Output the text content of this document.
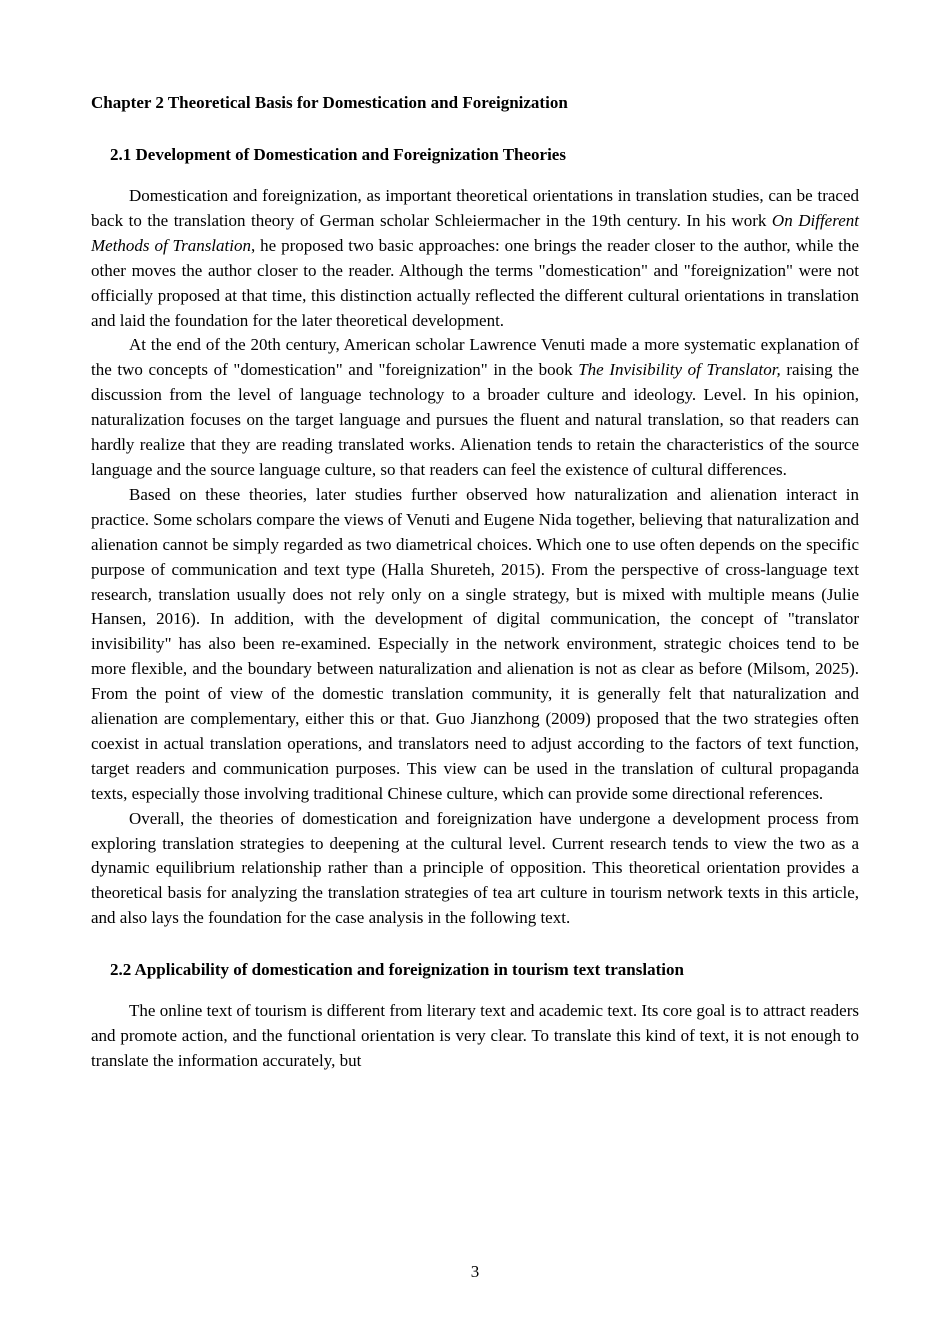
Chapter 2 Theoretical Basis for Domestication and Foreignization
2.1 Development of Domestication and Foreignization Theories

Domestication and foreignization, as important theoretical orientations in translation studies, can be traced back to the translation theory of German scholar Schleiermacher in the 19th century. In his work On Different Methods of Translation, he proposed two basic approaches: one brings the reader closer to the author, while the other moves the author closer to the reader. Although the terms "domestication" and "foreignization" were not officially proposed at that time, this distinction actually reflected the different cultural orientations in translation and laid the foundation for the later theoretical development.

At the end of the 20th century, American scholar Lawrence Venuti made a more systematic explanation of the two concepts of "domestication" and "foreignization" in the book The Invisibility of Translator, raising the discussion from the level of language technology to a broader culture and ideology. Level. In his opinion, naturalization focuses on the target language and pursues the fluent and natural translation, so that readers can hardly realize that they are reading translated works. Alienation tends to retain the characteristics of the source language and the source language culture, so that readers can feel the existence of cultural differences.

Based on these theories, later studies further observed how naturalization and alienation interact in practice. Some scholars compare the views of Venuti and Eugene Nida together, believing that naturalization and alienation cannot be simply regarded as two diametrical choices. Which one to use often depends on the specific purpose of communication and text type (Halla Shureteh, 2015). From the perspective of cross-language text research, translation usually does not rely only on a single strategy, but is mixed with multiple means (Julie Hansen, 2016). In addition, with the development of digital communication, the concept of "translator invisibility" has also been re-examined. Especially in the network environment, strategic choices tend to be more flexible, and the boundary between naturalization and alienation is not as clear as before (Milsom, 2025). From the point of view of the domestic translation community, it is generally felt that naturalization and alienation are complementary, either this or that. Guo Jianzhong (2009) proposed that the two strategies often coexist in actual translation operations, and translators need to adjust according to the factors of text function, target readers and communication purposes. This view can be used in the translation of cultural propaganda texts, especially those involving traditional Chinese culture, which can provide some directional references.

Overall, the theories of domestication and foreignization have undergone a development process from exploring translation strategies to deepening at the cultural level. Current research tends to view the two as a dynamic equilibrium relationship rather than a principle of opposition. This theoretical orientation provides a theoretical basis for analyzing the translation strategies of tea art culture in tourism network texts in this article, and also lays the foundation for the case analysis in the following text.

2.2 Applicability of domestication and foreignization in tourism text translation

The online text of tourism is different from literary text and academic text. Its core goal is to attract readers and promote action, and the functional orientation is very clear. To translate this kind of text, it is not enough to translate the information accurately, but

3
